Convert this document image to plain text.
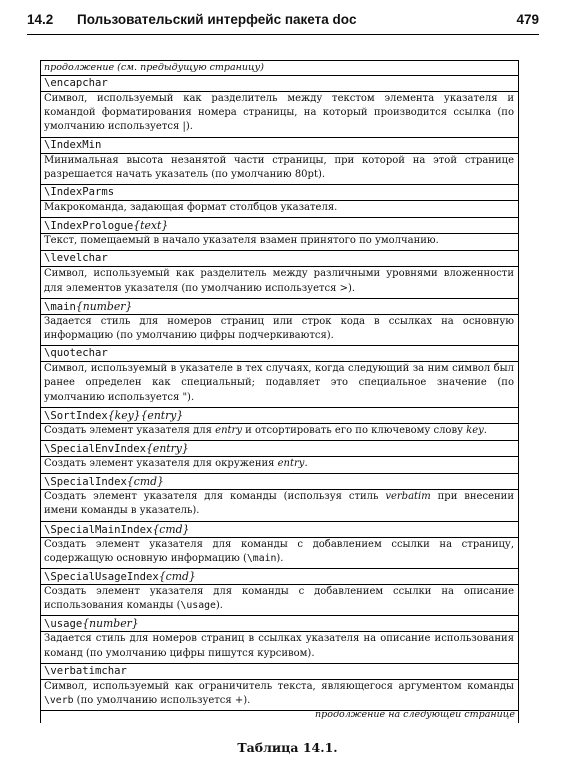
14.2 Пользовательский интерфейс пакета doc	479
продолжение (см. предыдущую страницу)
\encapchar
Символ, используемый как разделитель между текстом элемента указателя и командой форматирования номера страницы, на который производится ссылка (по умолчанию используется |).
\IndexMin
Минимальная высота незанятой части страницы, при которой на этой странице разрешается начать указатель (по умолчанию 80pt).
\IndexParms
Макрокоманда, задающая формат столбцов указателя.
\IndexPrologue{text}
Текст, помещаемый в начало указателя взамен принятого по умолчанию.
\levelchar
Символ, используемый как разделитель между различными уровнями вложенности для элементов указателя (по умолчанию используется >).
\main{number}
Задается стиль для номеров страниц или строк кода в ссылках на основную информацию (по умолчанию цифры подчеркиваются).
\quotechar
Символ, используемый в указателе в тех случаях, когда следующий за ним символ был ранее определен как специальный; подавляет это специальное значение (по умолчанию используется ").
\SortIndex{key}{entry}
Создать элемент указателя для entry и отсортировать его по ключевому слову key.
\SpecialEnvIndex{entry}
Создать элемент указателя для окружения entry.
\SpecialIndex{cmd}
Создать элемент указателя для команды (используя стиль verbatim при внесении имени команды в указатель).
\SpecialMainIndex{cmd}
Создать элемент указателя для команды с добавлением ссылки на страницу, содержащую основную информацию (\main).
\SpecialUsageIndex{cmd}
Создать элемент указателя для команды с добавлением ссылки на описание использования команды (\usage).
\usage{number}
Задается стиль для номеров страниц в ссылках указателя на описание использования команд (по умолчанию цифры пишутся курсивом).
\verbatimchar
Символ, используемый как ограничитель текста, являющегося аргументом команды \verb (по умолчанию используется +).
продолжение на следующей странице
Таблица 14.1.
